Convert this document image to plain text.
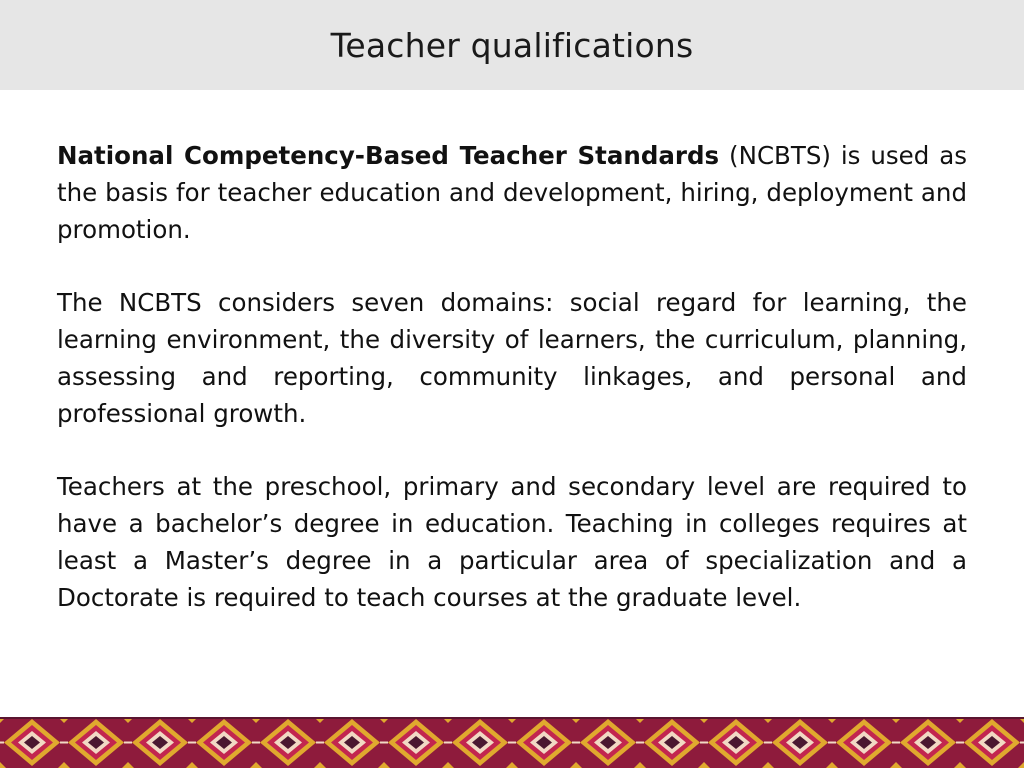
Teacher qualifications

National Competency-Based Teacher Standards (NCBTS) is used as the basis for teacher education and development, hiring, deployment and promotion.

The NCBTS considers seven domains: social regard for learning, the learning environment, the diversity of learners, the curriculum, planning, assessing and reporting, community linkages, and personal and professional growth.

Teachers at the preschool, primary and secondary level are required to have a bachelor’s degree in education. Teaching in colleges requires at least a Master’s degree in a particular area of specialization and a Doctorate is required to teach courses at the graduate level.
